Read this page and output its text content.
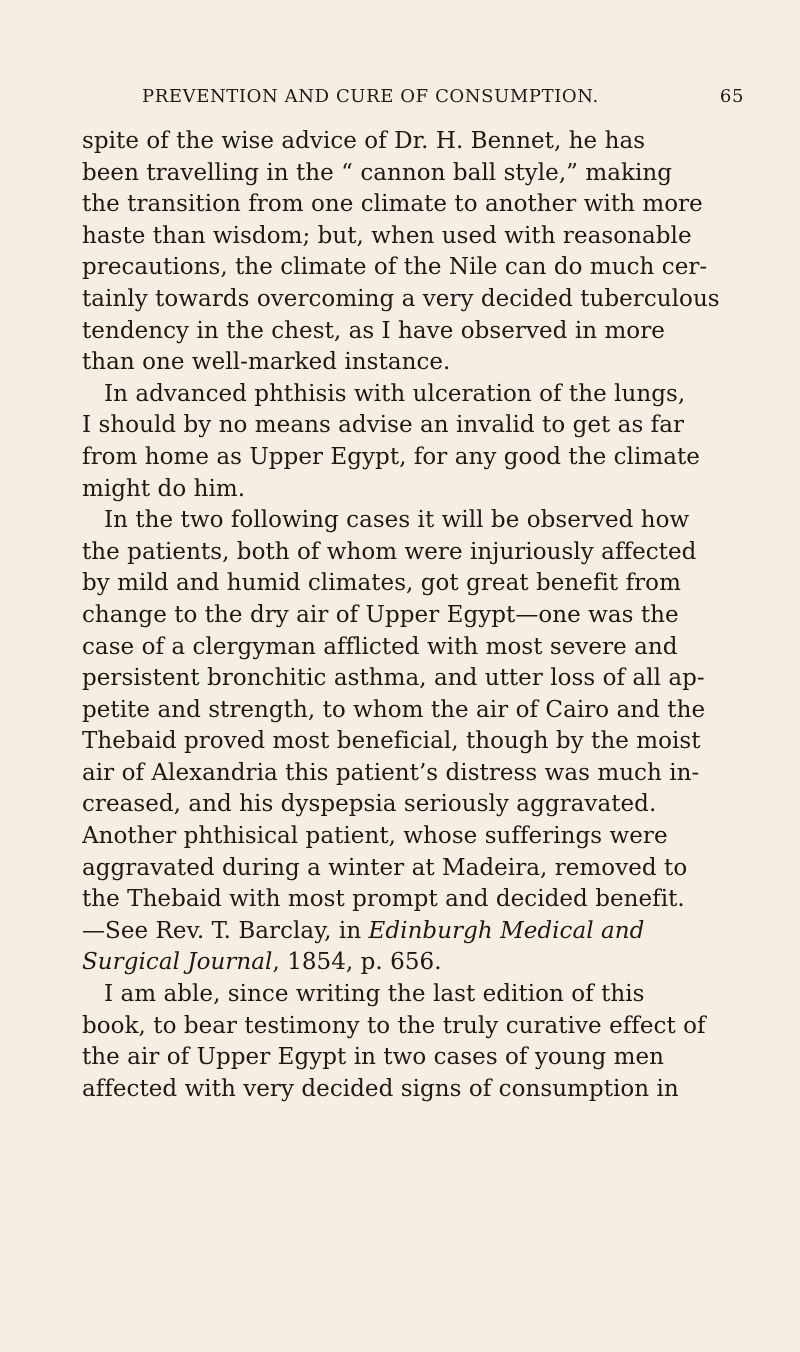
PREVENTION AND CURE OF CONSUMPTION.	65
spite of the wise advice of Dr. H. Bennet, he has
been travelling in the “ cannon ball style,” making
the transition from one climate to another with more
haste than wisdom; but, when used with reasonable
precautions, the climate of the Nile can do much cer-
tainly towards overcoming a very decided tuberculous
tendency in the chest, as I have observed in more
than one well-marked instance.
In advanced phthisis with ulceration of the lungs,
I should by no means advise an invalid to get as far
from home as Upper Egypt, for any good the climate
might do him.
In the two following cases it will be observed how
the patients, both of whom were injuriously affected
by mild and humid climates, got great benefit from
change to the dry air of Upper Egypt—one was the
case of a clergyman afflicted with most severe and
persistent bronchitic asthma, and utter loss of all ap-
petite and strength, to whom the air of Cairo and the
Thebaid proved most beneficial, though by the moist
air of Alexandria this patient’s distress was much in-
creased, and his dyspepsia seriously aggravated.
Another phthisical patient, whose sufferings were
aggravated during a winter at Madeira, removed to
the Thebaid with most prompt and decided benefit.
—See Rev. T. Barclay, in Edinburgh Medical and
Surgical Journal, 1854, p. 656.
I am able, since writing the last edition of this
book, to bear testimony to the truly curative effect of
the air of Upper Egypt in two cases of young men
affected with very decided signs of consumption in
